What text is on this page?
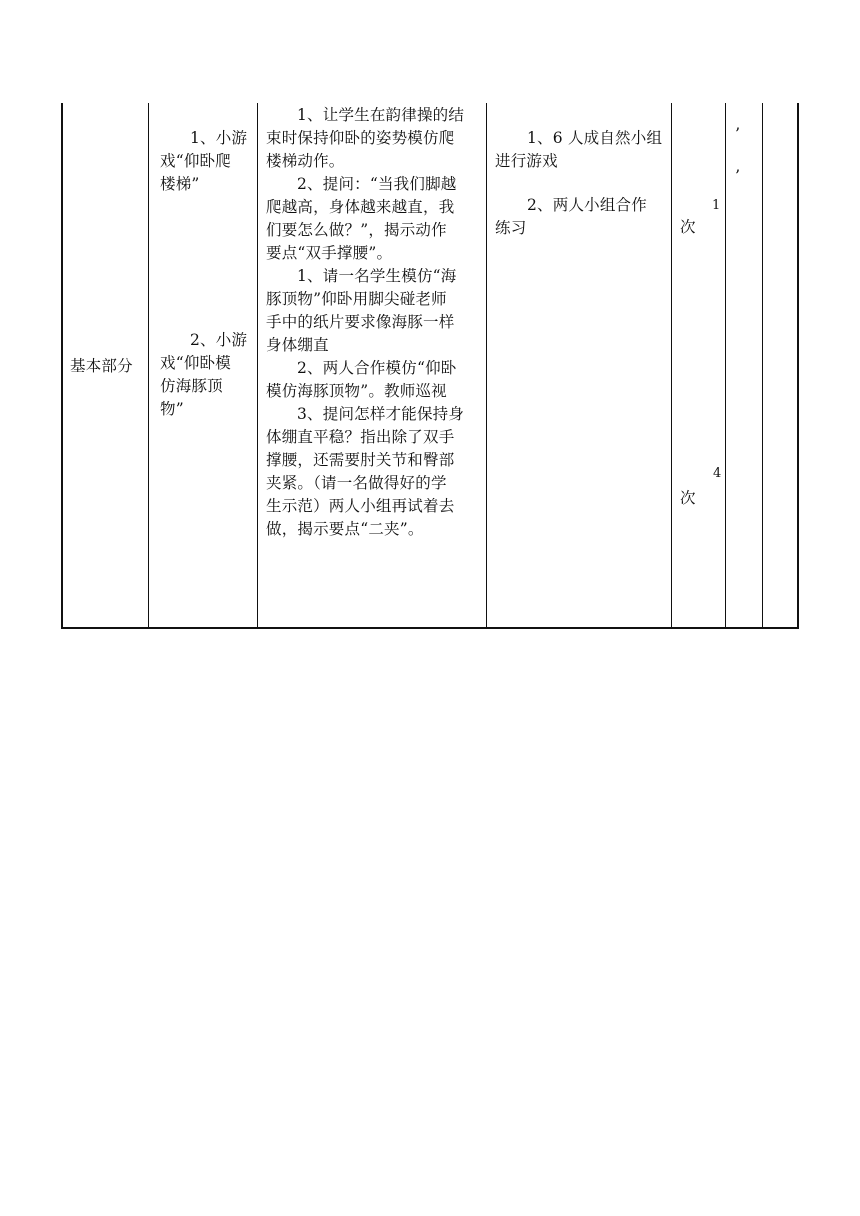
基本部分
1、小游
戏“仰卧爬
楼梯”
2、小游
戏“仰卧模
仿海豚顶
物”
1、让学生在韵律操的结
束时保持仰卧的姿势模仿爬
楼梯动作。
2、提问：“当我们脚越
爬越高，身体越来越直，我
们要怎么做？”，揭示动作
要点“双手撑腰”。
1、请一名学生模仿“海
豚顶物”仰卧用脚尖碰老师
手中的纸片要求像海豚一样
身体绷直
2、两人合作模仿“仰卧
模仿海豚顶物”。教师巡视
3、提问怎样才能保持身
体绷直平稳？指出除了双手
撑腰，还需要肘关节和臀部
夹紧。（请一名做得好的学
生示范）两人小组再试着去
做，揭示要点“二夹”。
1、6 人成自然小组
进行游戏
2、两人小组合作
练习
1
次
4
次
’
’
